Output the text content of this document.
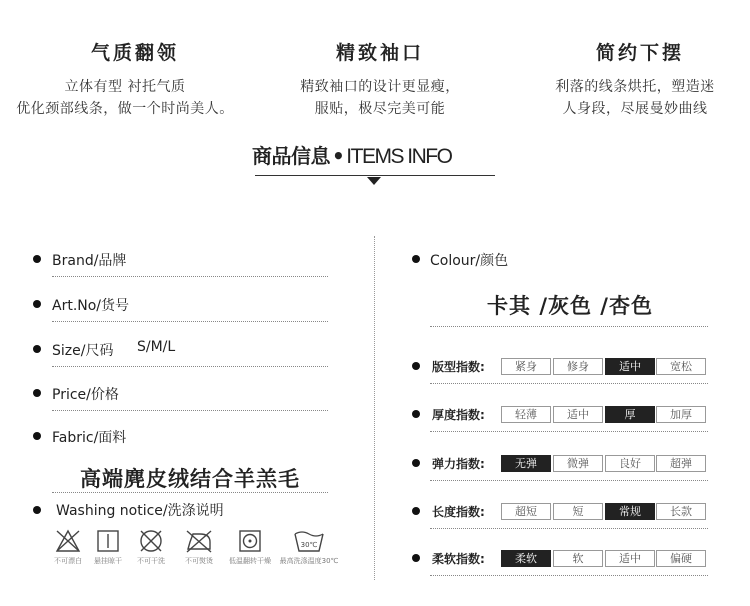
气质翻领
立体有型 衬托气质
优化颈部线条，做一个时尚美人。
精致袖口
精致袖口的设计更显瘦，
服贴，极尽完美可能
简约下摆
利落的线条烘托，塑造迷
人身段，尽展曼妙曲线
商品信息 •ITEMS INFO
Brand/品牌
Art.No/货号
Size/尺码 S/M/L
Price/价格
Fabric/面料
高端麂皮绒结合羊羔毛
Washing notice/洗涤说明
不可漂白	悬挂晾干	不可干洗	不可熨烫	低温翻转干燥
30℃
最高洗涤温度30℃
Colour/颜色
卡其 /灰色 /杏色
版型指数:	紧身	修身	适中	宽松
厚度指数:	轻薄	适中	厚	加厚
弹力指数:	无弹	微弹	良好	超弹
长度指数:	超短	短	常规	长款
柔软指数:	柔软	软	适中	偏硬
